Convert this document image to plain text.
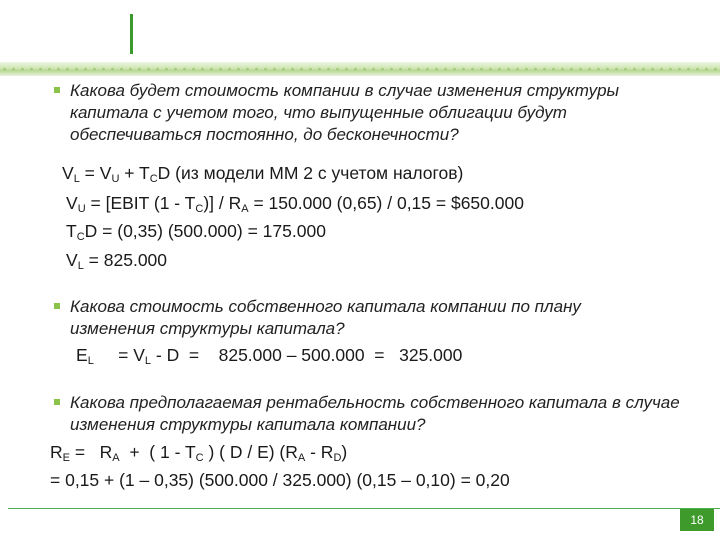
Какова будет стоимость компании в случае изменения структуры капитала с учетом того, что выпущенные облигации будут обеспечиваться постоянно, до бесконечности?

$V_L = V_U + T_CD$ (из модели ММ 2 с учетом налогов)
$V_U$ = [EBIT $(1 - T_C)] / R_A = 150.000$ (0,65) / 0,15 = $650.000
$T_CD = (0,35) (500.000) = 175.000$
$V_L = 825.000$

Какова стоимость собственного капитала компании по плану изменения структуры капитала?

$E_L$     = $V_L$ - D  =    825.000 – 500.000  =   325.000

Какова предполагаемая рентабельность собственного капитала в случае изменения структуры капитала компании?

$R_E = R_A$  +  ( $1 - T_C$ ) ( D / E) $(R_A - R_D)$
= 0,15 + (1 – 0,35) (500.000 / 325.000) (0,15 – 0,10) = 0,20
18
